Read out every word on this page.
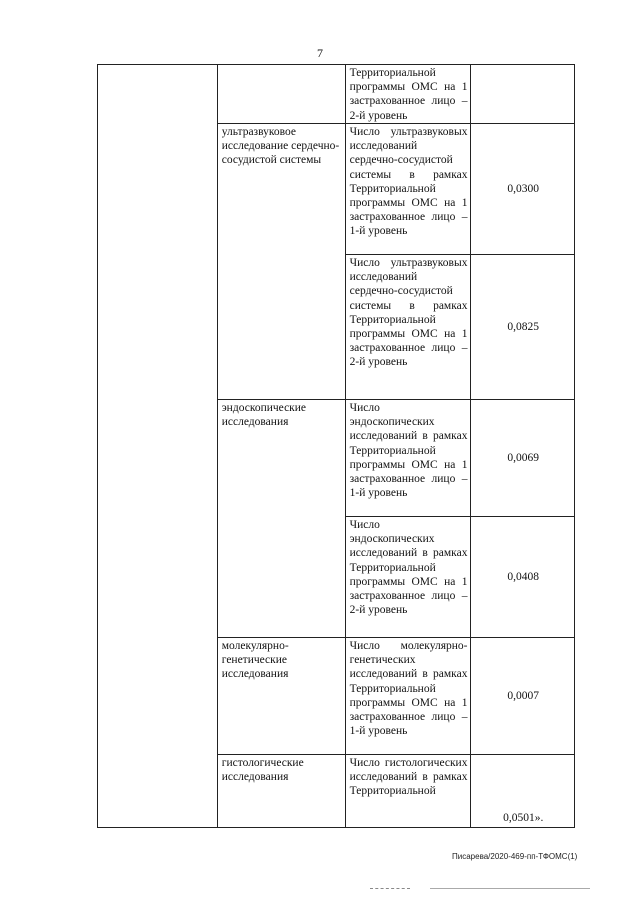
7
		Территориальной программы ОМС на 1 застрахованное лицо – 2-й уровень	
	ультразвуковое исследование сердечно-сосудистой системы	Число ультразвуковых исследований сердечно-сосудистой системы в рамках Территориальной программы ОМС на 1 застрахованное лицо – 1-й уровень	0,0300
		Число ультразвуковых исследований сердечно-сосудистой системы в рамках Территориальной программы ОМС на 1 застрахованное лицо – 2-й уровень	0,0825
	эндоскопические исследования	Число эндоскопических исследований в рамках Территориальной программы ОМС на 1 застрахованное лицо – 1-й уровень	0,0069
		Число эндоскопических исследований в рамках Территориальной программы ОМС на 1 застрахованное лицо – 2-й уровень	0,0408
	молекулярно-генетические исследования	Число молекулярно-генетических исследований в рамках Территориальной программы ОМС на 1 застрахованное лицо – 1-й уровень	0,0007
	гистологические исследования	Число гистологических исследований в рамках Территориальной	0,0501».
Писарева/2020-469-пп-ТФОМС(1)
